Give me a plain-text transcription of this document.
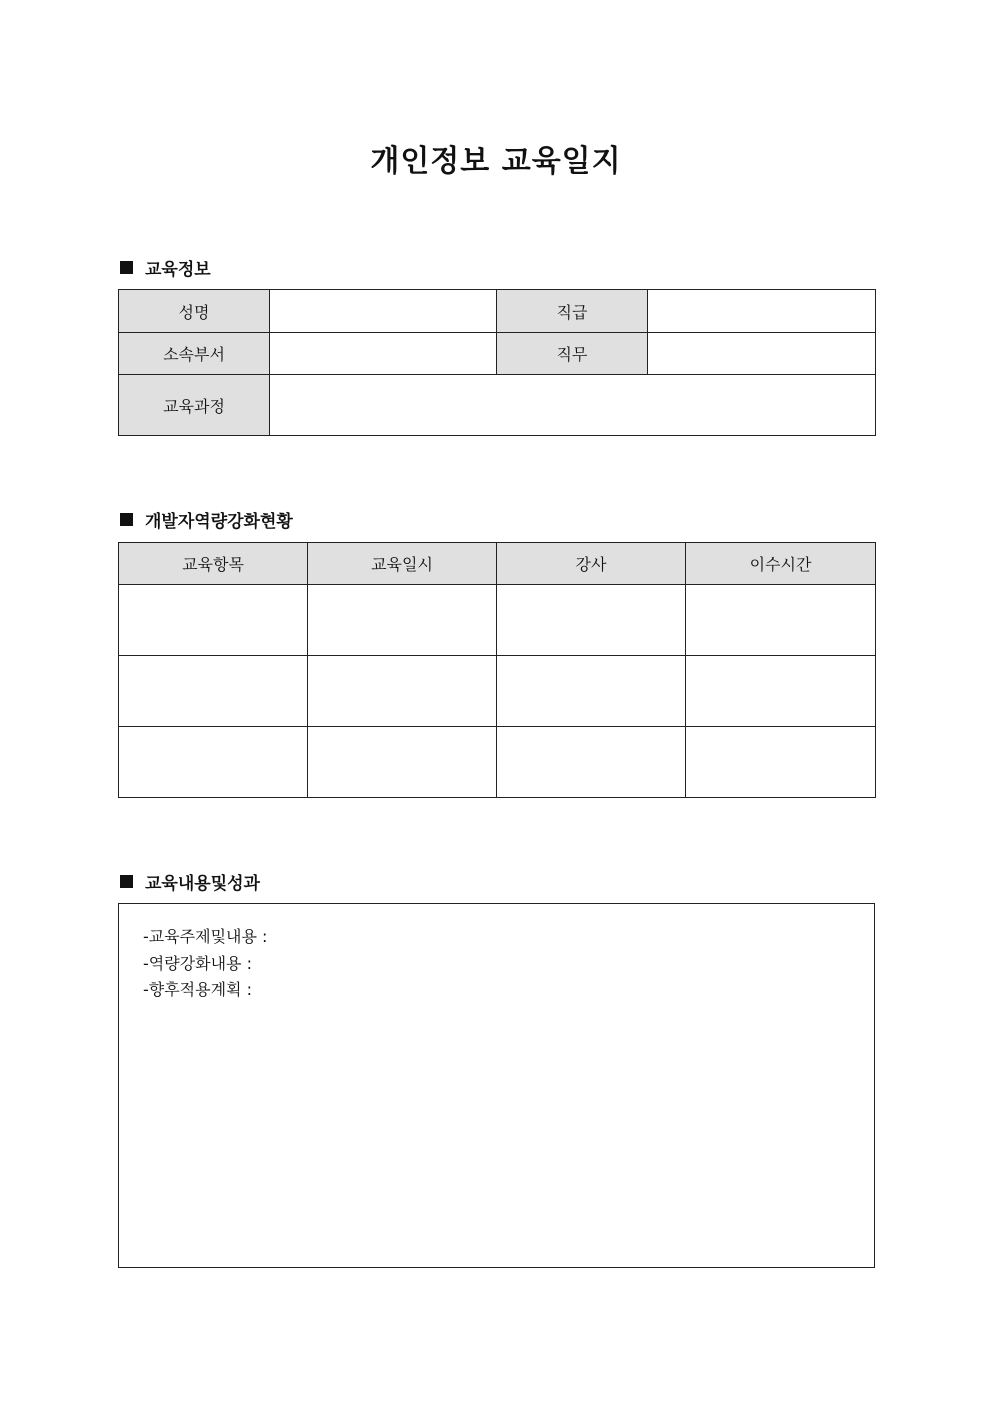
개인정보 교육일지
교육정보
성명		직급	
소속부서		직무	
교육과정			
개발자역량강화현황
교육항목	교육일시	강사	이수시간

교육내용및성과
-교육주제및내용 :
-역량강화내용 :
-향후적용계획 :
